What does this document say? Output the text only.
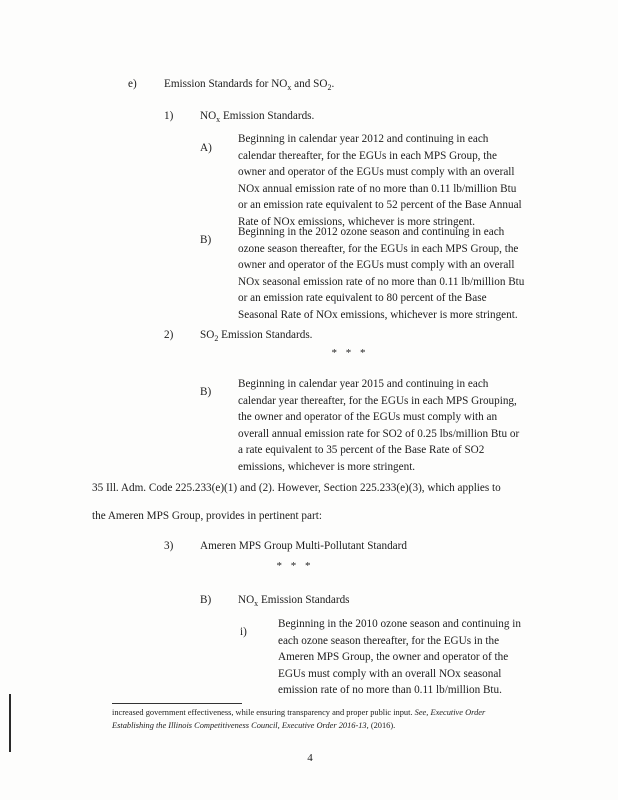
e) Emission Standards for $NO_x$ and $SO_2$.
1) $NO_x$ Emission Standards.
A)
Beginning in calendar year 2012 and continuing in each
calendar thereafter, for the EGUs in each MPS Group, the
owner and operator of the EGUs must comply with an overall
NOx annual emission rate of no more than 0.11 lb/million Btu
or an emission rate equivalent to 52 percent of the Base Annual
Rate of NOx emissions, whichever is more stringent.
B)
Beginning in the 2012 ozone season and continuing in each
ozone season thereafter, for the EGUs in each MPS Group, the
owner and operator of the EGUs must comply with an overall
NOx seasonal emission rate of no more than 0.11 lb/million Btu
or an emission rate equivalent to 80 percent of the Base
Seasonal Rate of NOx emissions, whichever is more stringent.
2) $SO_2$ Emission Standards.
* * *
B)
Beginning in calendar year 2015 and continuing in each
calendar year thereafter, for the EGUs in each MPS Grouping,
the owner and operator of the EGUs must comply with an
overall annual emission rate for SO2 of 0.25 lbs/million Btu or
a rate equivalent to 35 percent of the Base Rate of SO2
emissions, whichever is more stringent.
35 Ill. Adm. Code 225.233(e)(1) and (2). However, Section 225.233(e)(3), which applies to
the Ameren MPS Group, provides in pertinent part:
3) Ameren MPS Group Multi-Pollutant Standard
* * *
B) $NO_x$ Emission Standards
i)
Beginning in the 2010 ozone season and continuing in
each ozone season thereafter, for the EGUs in the
Ameren MPS Group, the owner and operator of the
EGUs must comply with an overall NOx seasonal
emission rate of no more than 0.11 lb/million Btu.
increased government effectiveness, while ensuring transparency and proper public input. See, Executive Order
Establishing the Illinois Competitiveness Council, Executive Order 2016-13, (2016).
4
